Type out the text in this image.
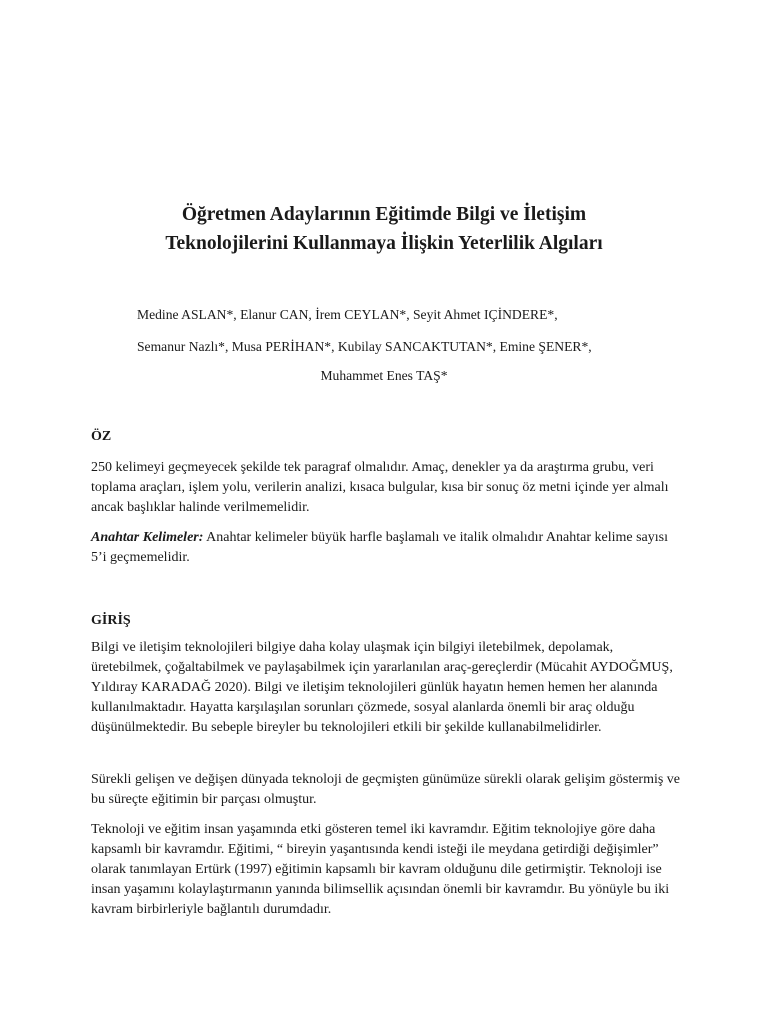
Öğretmen Adaylarının Eğitimde Bilgi ve İletişim
Teknolojilerini Kullanmaya İlişkin Yeterlilik Algıları

Medine ASLAN*, Elanur CAN, İrem CEYLAN*, Seyit Ahmet IÇİNDERE*,

Semanur Nazlı*, Musa PERİHAN*, Kubilay SANCAKTUTAN*, Emine ŞENER*,

Muhammet Enes TAŞ*

ÖZ

250 kelimeyi geçmeyecek şekilde tek paragraf olmalıdır. Amaç, denekler ya da araştırma grubu, veri toplama araçları, işlem yolu, verilerin analizi, kısaca bulgular, kısa bir sonuç öz metni içinde yer almalı ancak başlıklar halinde verilmemelidir.

Anahtar Kelimeler: Anahtar kelimeler büyük harfle başlamalı ve italik olmalıdır Anahtar kelime sayısı 5’i geçmemelidir.

GİRİŞ

Bilgi ve iletişim teknolojileri bilgiye daha kolay ulaşmak için bilgiyi iletebilmek, depolamak, üretebilmek, çoğaltabilmek ve paylaşabilmek için yararlanılan araç-gereçlerdir (Mücahit AYDOĞMUŞ, Yıldıray KARADAĞ 2020). Bilgi ve iletişim teknolojileri günlük hayatın hemen hemen her alanında kullanılmaktadır. Hayatta karşılaşılan sorunları çözmede, sosyal alanlarda önemli bir araç olduğu düşünülmektedir. Bu sebeple bireyler bu teknolojileri etkili bir şekilde kullanabilmelidirler.

Sürekli gelişen ve değişen dünyada teknoloji de geçmişten günümüze sürekli olarak gelişim göstermiş ve bu süreçte eğitimin bir parçası olmuştur.

Teknoloji ve eğitim insan yaşamında etki gösteren temel iki kavramdır. Eğitim teknolojiye göre daha kapsamlı bir kavramdır. Eğitimi, “ bireyin yaşantısında kendi isteği ile meydana getirdiği değişimler” olarak tanımlayan Ertürk (1997) eğitimin kapsamlı bir kavram olduğunu dile getirmiştir. Teknoloji ise insan yaşamını kolaylaştırmanın yanında bilimsellik açısından önemli bir kavramdır. Bu yönüyle bu iki kavram birbirleriyle bağlantılı durumdadır.
